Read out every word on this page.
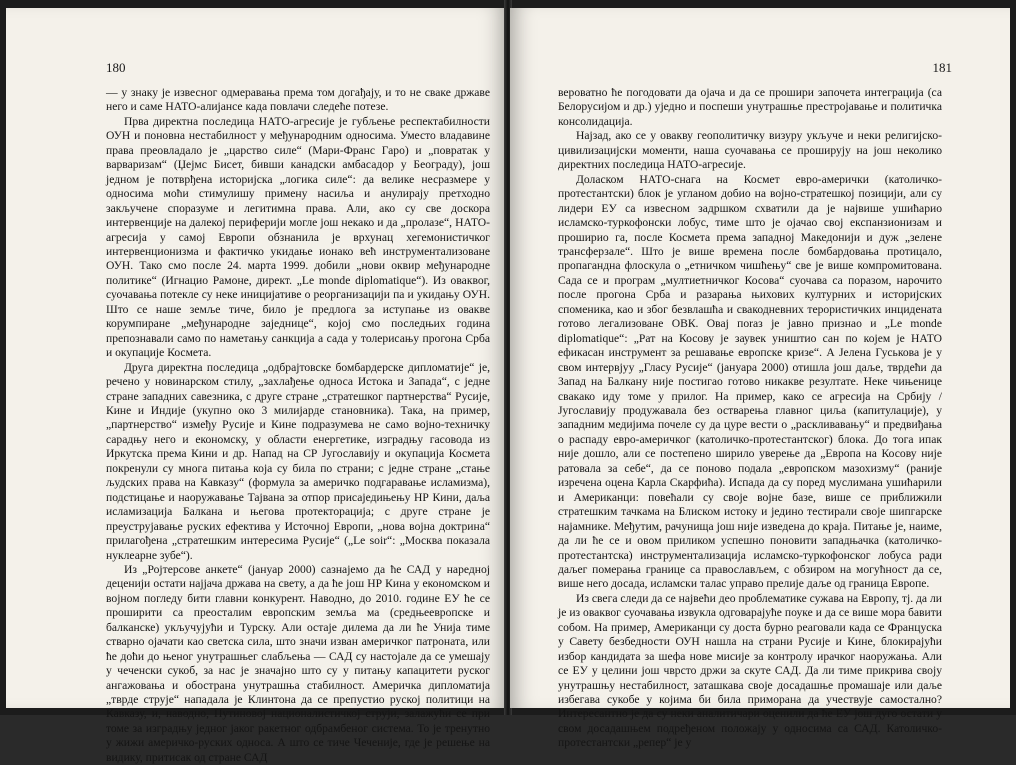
180

— у знаку је извесног одмеравања према том догађају, и то не сваке државе него и саме НАТО-алијансе када повлачи следеће потезе.

Прва директна последица НАТО-агресије је губљење респектабилности ОУН и поновна нестабилност у међународним односима. Уместо владавине права преовладало је „царство силе“ (Мари-Франс Гаро) и „повратак у варваризам“ (Џејмс Бисет, бивши канадски амбасадор у Београду), још једном је потврђена историјска „логика силе“: да велике несразмере у односима моћи стимулишу примену насиља и анулирају претходно закључене споразуме и легитимна права. Али, ако су све доскора интервенције на далекој периферији могле још некако и да „пролазе“, НАТО-агресија у самој Европи обзнанила је врхунац хегемонистичког интервенционизма и фактичко укидање ионако већ инструментализоване ОУН. Тако смо после 24. марта 1999. добили „нови оквир међународне политике“ (Игнацио Рамоне, директ. „Le monde diplomatique“). Из оваквог, суочавања потекле су неке иницијативе о реорганизацији па и укидању ОУН. Што се наше земље тиче, било је предлога за иступање из овакве корумпиране „међународне заједнице“, којој смо последњих година препознавали само по наметању санкција а сада у толерисању прогона Срба и окупације Космета.

Друга директна последица „одбрајтовске бомбардерске дипломатије“ је, речено у новинарском стилу, „захлађење односа Истока и Запада“, с једне стране западних савезника, с друге стране „стратешког партнерства“ Русије, Кине и Индије (укупно око 3 милијарде становника). Така, на пример, „партнерство“ између Русије и Кине подразумева не само војно-техничку сарадњу него и економску, у области енергетике, изградњу гасовода из Иркутска према Кини и др. Напад на СР Југославију и окупација Космета покренули су многа питања која су била по страни; с једне стране „стање људских права на Кавказу“ (формула за америчко подгаравање исламизма), подстицање и наоружавање Тајвана за отпор присаједињењу НР Кини, даља исламизација Балкана и његова протекторација; с друге стране је преуструјавање руских ефектива у Источној Европи, „нова војна доктрина“ прилагођена „стратешким интересима Русије“ („Le soir“: „Москва показала нуклеарне зубе“).

Из „Ројтерсове анкете“ (јануар 2000) сазнајемо да ће САД у наредној деценији остати најјача држава на свету, а да ће још НР Кина у економском и војном погледу бити главни конкурент. Наводно, до 2010. године ЕУ ће се проширити са преосталим европским земља ма (средњеевропске и балканске) укључујући и Турску. Али остаје дилема да ли ће Унија тиме стварно ојачати као светска сила, што значи изван америчког патроната, или ће доћи до њеног унутрашњег слабљења — САД су настојале да се умешају у чеченски сукоб, за нас је значајно што су у питању капацитети руског ангажовања и обострана унутрашња стабилност. Америчка дипломатија „тврде струје“ нападала је Клинтона да се препустио руској политици на Кавказу, и, наводно, Путиновој националистичкој струји, залажући се при томе за изградњу једног јаког ракетног одбрамбеног система. То је тренутно у жижи америчко-руских односа. А што се тиче Чеченије, где је решење на видику, притисак од стране САД

181

вероватно ће погодовати да ојача и да се прошири започета интеграција (са Белорусијом и др.) уједно и поспеши унутрашње престројавање и политичка консолидација.

Најзад, ако се у овакву геополитичку визуру укључе и неки религијско-цивилизацијски моменти, наша суочавања се проширују на још неколико директних последица НАТО-агресије.

Доласком НАТО-снага на Космет евро-амерички (католичко-протестантски) блок је угланом добио на војно-стратешкој позицији, али су лидери ЕУ са извесном задршком схватили да је највише ушићарио исламско-туркофонски лобус, тиме што је ојачао свој експанзионизам и проширио га, после Космета према западној Македонији и дуж „зелене трансферзале“. Што је више времена после бомбардовања протицало, пропагандна флоскула о „етничком чишћењу“ све је више компромитована. Сада се и програм „мултиетничког Косова“ суочава са поразом, нарочито после прогона Срба и разарања њихових културних и историјских споменика, као и због безвлашћа и свакодневних терористичких инцидената готово легализоване ОВК. Овај поraз је јавно признао и „Le monde diplomatique“: „Рат на Косову је заувек уништио сан по којем је НАТО ефикасан инструмент за решавање европске кризе“. А Јелена Гуськова је у свом интервјуу „Гласу Русије“ (јануара 2000) отишла још даље, тврдећи да Запад на Балкану није постигао готово никакве резултате. Неке чињенице свакако иду томе у прилог. На пример, како се агресија на Србију / Југославију продужавала без остварења главног циља (капитулације), у западним медијима почеле су да цуре вести о „раскливавању“ и предвиђања о распаду евро-америчког (католичко-протестантског) блока. До тога ипак није дошло, али се постепено ширило уверење да „Европа на Косову није ратовала за себе“, да се поново подала „европском мазохизму“ (раније изречена оцена Карла Скарфића). Испада да су поред муслимана ушићарили и Американци: повећали су своје војне базе, више се приближили стратешким тачкама на Блиском истоку и једино тестирали своје шипгарске најамнике. Међутим, рачунища још није изведена до краја. Питање је, наиме, да ли ће се и овом приликом успешно поновити западњачка (католичко-протестантска) инструментализација исламско-туркофонског лобуса ради даљег померања границе са православљем, с обзиром на могућност да се, више него досада, исламски талас управо прелије даље од граница Европе.

Из свега следи да се највећи део проблематике сужава на Европу, тј. да ли је из оваквог суочавања извукла одговарајуће поуке и да се више мора бавити собом. На пример, Американци су доста бурно реаговали када се Француска у Савету безбедности ОУН нашла на страни Русије и Кине, блокирајући избор кандидата за шефа нове мисије за контролу ирачког наоружања. Али се ЕУ у целини још чврсто држи за скуте САД. Да ли тиме прикрива своју унутрашњу нестабилност, заташкава своје досадашње промашаје или даље избегава сукобе у којима би била приморана да учествује самостално? Интересантно је да су неки аналитичари оценили да ће ЕУ још дуго остати у свом досадашњем подређеном положају у односима са САД. Католичко-протестантски „репер“ је у
